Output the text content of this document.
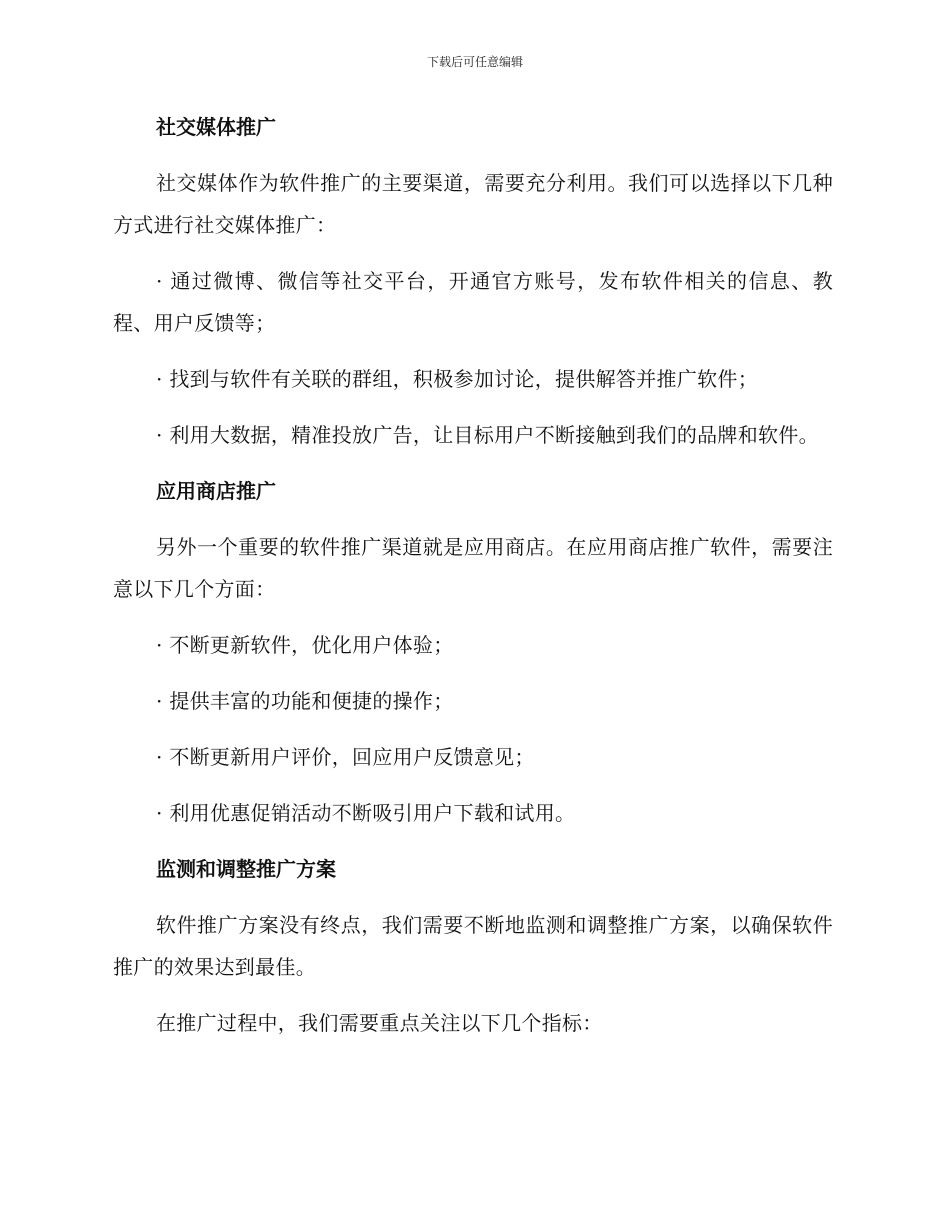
下载后可任意编辑
社交媒体推广
社交媒体作为软件推广的主要渠道，需要充分利用。我们可以选择以下几种方式进行社交媒体推广：
· 通过微博、微信等社交平台，开通官方账号，发布软件相关的信息、教程、用户反馈等；
· 找到与软件有关联的群组，积极参加讨论，提供解答并推广软件；
· 利用大数据，精准投放广告，让目标用户不断接触到我们的品牌和软件。
应用商店推广
另外一个重要的软件推广渠道就是应用商店。在应用商店推广软件，需要注意以下几个方面：
· 不断更新软件，优化用户体验；
· 提供丰富的功能和便捷的操作；
· 不断更新用户评价，回应用户反馈意见；
· 利用优惠促销活动不断吸引用户下载和试用。
监测和调整推广方案
软件推广方案没有终点，我们需要不断地监测和调整推广方案，以确保软件推广的效果达到最佳。
在推广过程中，我们需要重点关注以下几个指标：
